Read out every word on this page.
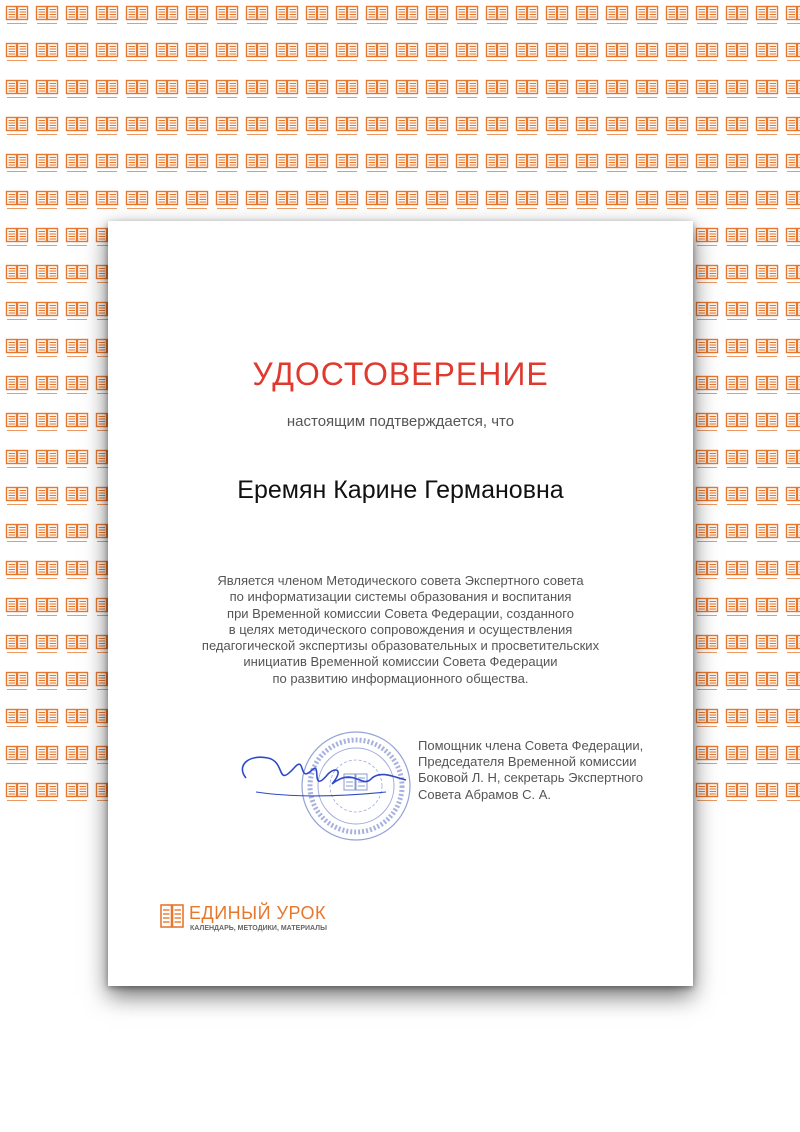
УДОСТОВЕРЕНИЕ
настоящим подтверждается, что
Еремян Карине Германовна
Является членом Методического совета Экспертного совета
по информатизации системы образования и воспитания
при Временной комиссии Совета Федерации, созданного
в целях методического сопровождения и осуществления
педагогической экспертизы образовательных и просветительских
инициатив Временной комиссии Совета Федерации
по развитию информационного общества.
Помощник члена Совета Федерации,
Председателя Временной комиссии
Боковой Л. Н, секретарь Экспертного
Совета Абрамов С. А.
ЕДИНЫЙ УРОК
КАЛЕНДАРЬ, МЕТОДИКИ, МАТЕРИАЛЫ
